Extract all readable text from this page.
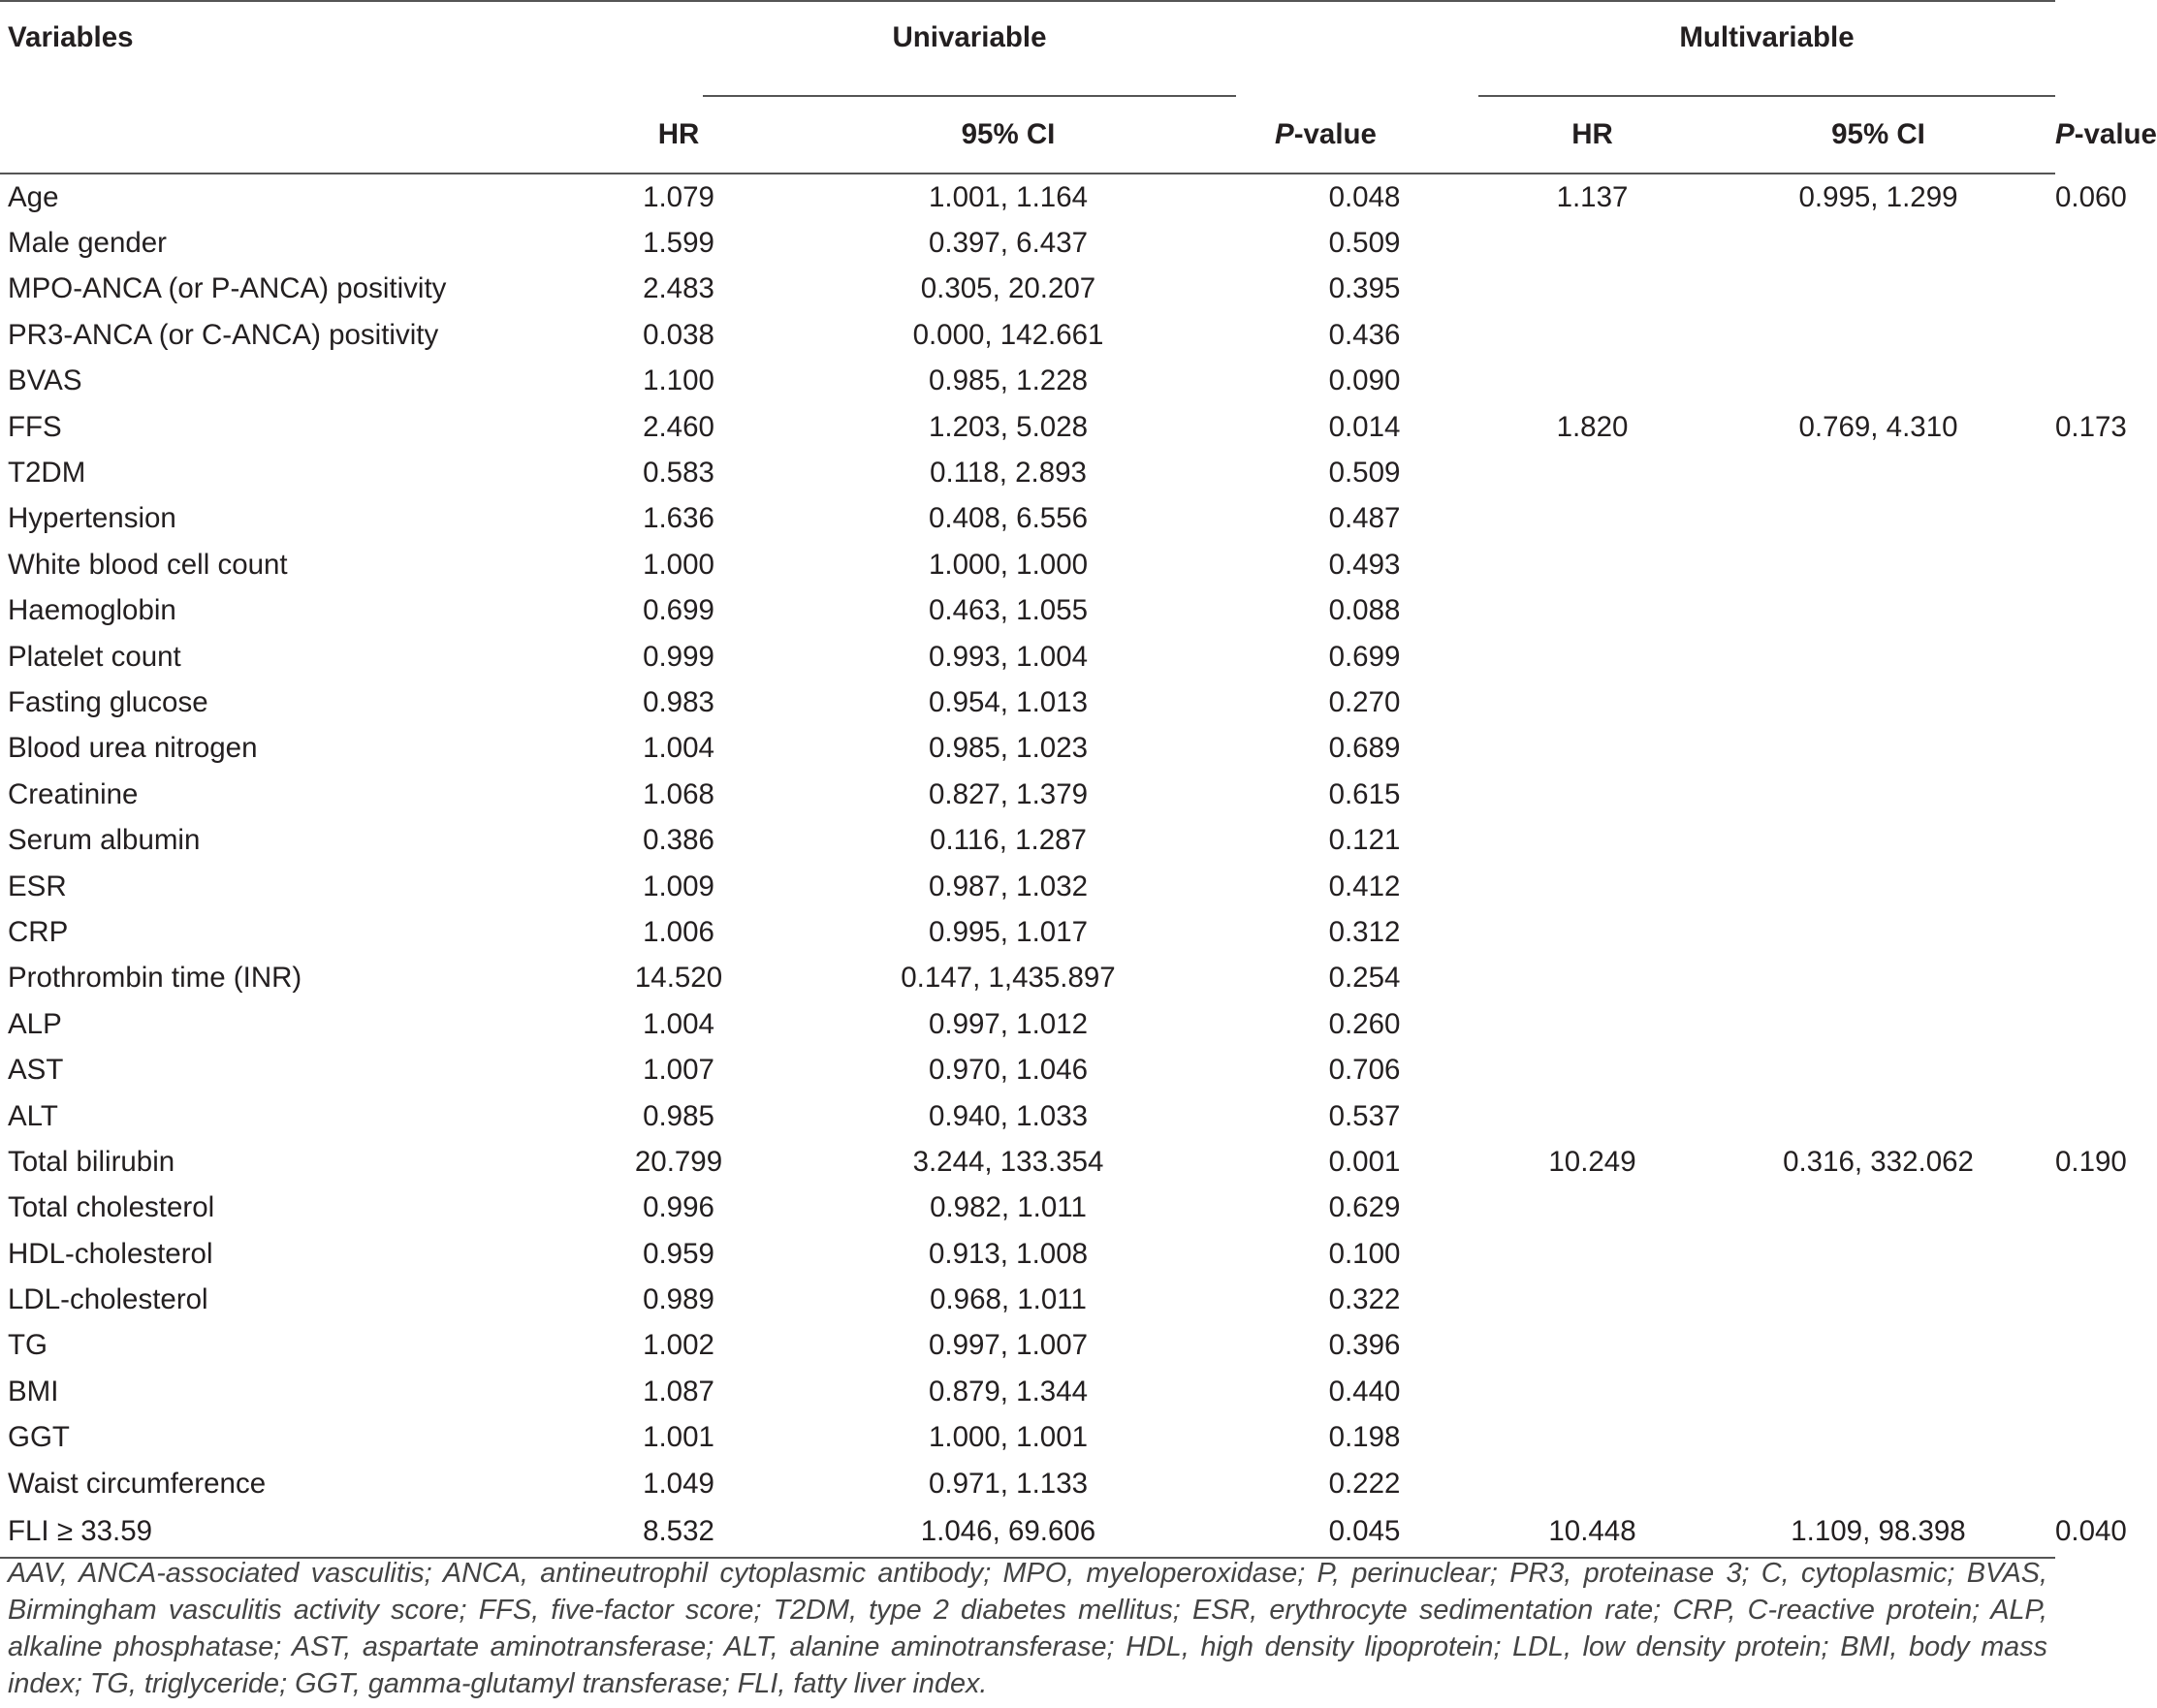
Variables		Univariable				Multivariable		

	HR		95% CI	P-value	HR		95% CI	P-value
Age	1.079		1.001, 1.164	0.048	1.137		0.995, 1.299	0.060
Male gender	1.599		0.397, 6.437	0.509				
MPO-ANCA (or P-ANCA) positivity	2.483		0.305, 20.207	0.395				
PR3-ANCA (or C-ANCA) positivity	0.038		0.000, 142.661	0.436				
BVAS	1.100		0.985, 1.228	0.090				
FFS	2.460		1.203, 5.028	0.014	1.820		0.769, 4.310	0.173
T2DM	0.583		0.118, 2.893	0.509				
Hypertension	1.636		0.408, 6.556	0.487				
White blood cell count	1.000		1.000, 1.000	0.493				
Haemoglobin	0.699		0.463, 1.055	0.088				
Platelet count	0.999		0.993, 1.004	0.699				
Fasting glucose	0.983		0.954, 1.013	0.270				
Blood urea nitrogen	1.004		0.985, 1.023	0.689				
Creatinine	1.068		0.827, 1.379	0.615				
Serum albumin	0.386		0.116, 1.287	0.121				
ESR	1.009		0.987, 1.032	0.412				
CRP	1.006		0.995, 1.017	0.312				
Prothrombin time (INR)	14.520		0.147, 1,435.897	0.254				
ALP	1.004		0.997, 1.012	0.260				
AST	1.007		0.970, 1.046	0.706				
ALT	0.985		0.940, 1.033	0.537				
Total bilirubin	20.799		3.244, 133.354	0.001	10.249		0.316, 332.062	0.190
Total cholesterol	0.996		0.982, 1.011	0.629				
HDL-cholesterol	0.959		0.913, 1.008	0.100				
LDL-cholesterol	0.989		0.968, 1.011	0.322				
TG	1.002		0.997, 1.007	0.396				
BMI	1.087		0.879, 1.344	0.440				
GGT	1.001		1.000, 1.001	0.198				
Waist circumference	1.049		0.971, 1.133	0.222				
FLI ≥ 33.59	8.532		1.046, 69.606	0.045	10.448		1.109, 98.398	0.040
AAV, ANCA-associated vasculitis; ANCA, antineutrophil cytoplasmic antibody; MPO, myeloperoxidase; P, perinuclear; PR3, proteinase 3; C, cytoplasmic; BVAS, Birmingham vasculitis activity score; FFS, five-factor score; T2DM, type 2 diabetes mellitus; ESR, erythrocyte sedimentation rate; CRP, C-reactive protein; ALP, alkaline phosphatase; AST, aspartate aminotransferase; ALT, alanine aminotransferase; HDL, high density lipoprotein; LDL, low density protein; BMI, body mass index; TG, triglyceride; GGT, gamma-glutamyl transferase; FLI, fatty liver index.
